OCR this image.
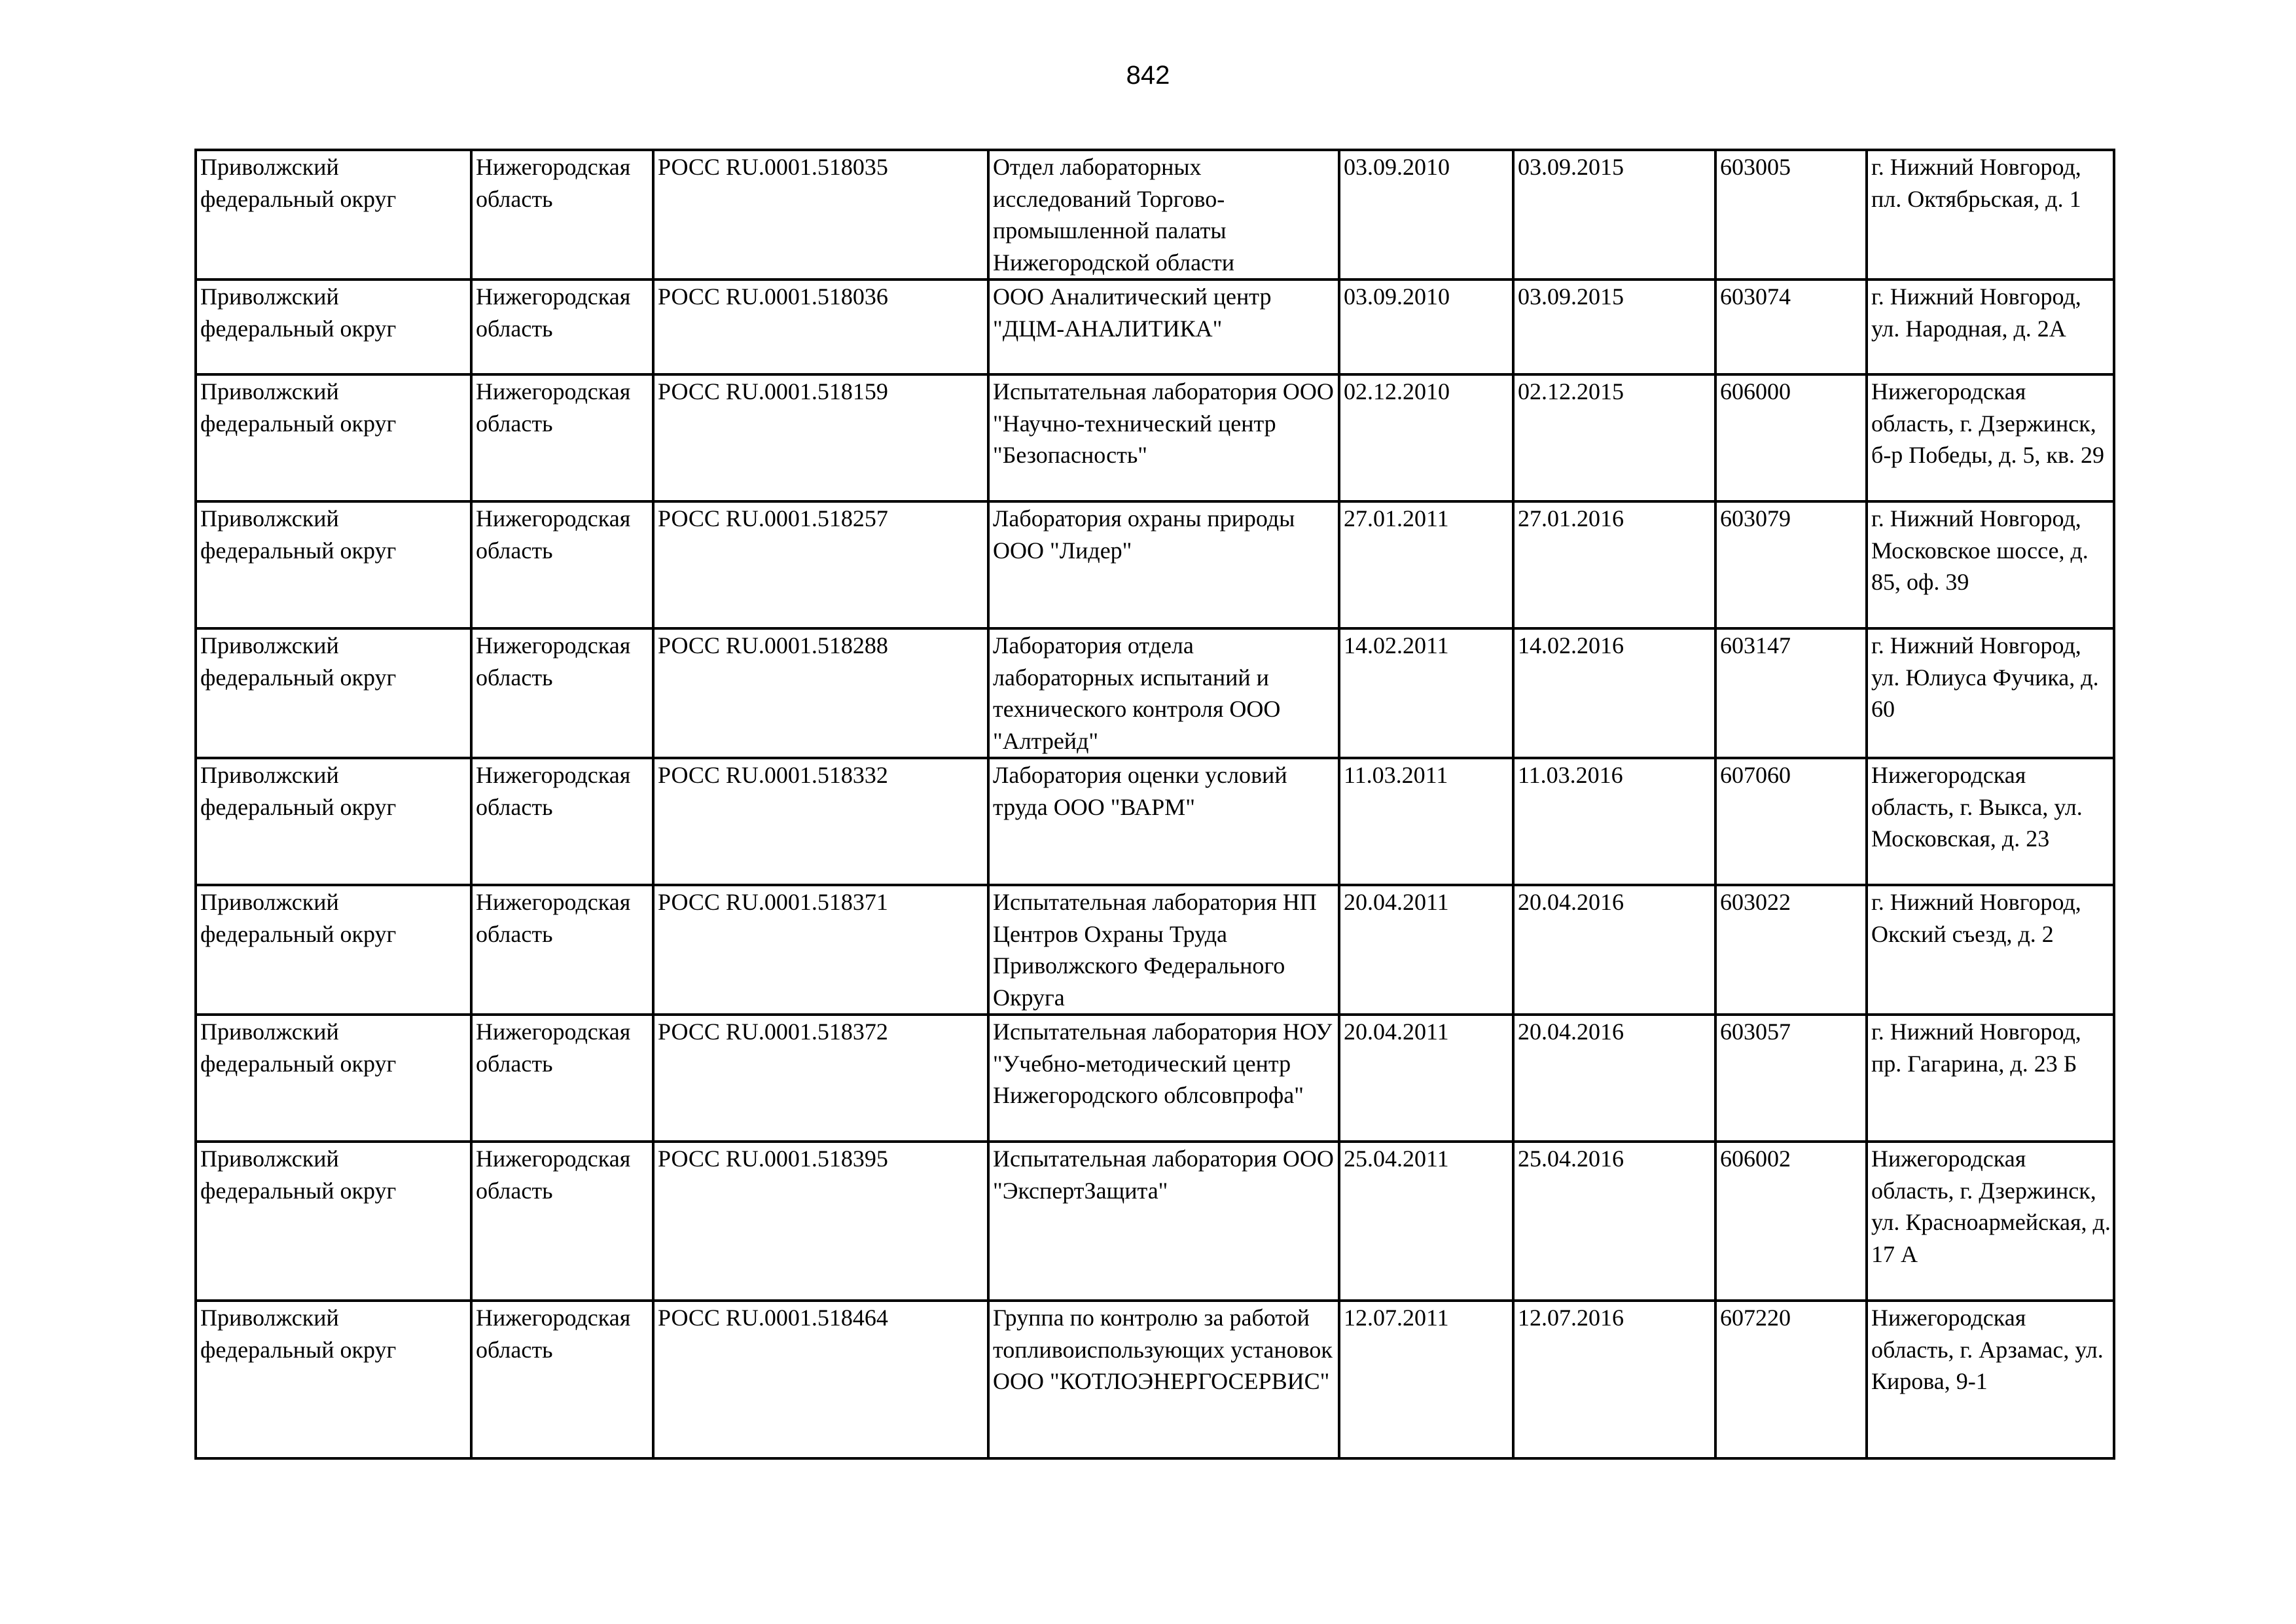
842
Приволжский федеральный округ	Нижегородская область	РОСС RU.0001.518035	Отдел лабораторных исследований Торгово-промышленной палаты Нижегородской области	03.09.2010	03.09.2015	603005	г. Нижний Новгород, пл. Октябрьская, д. 1
Приволжский федеральный округ	Нижегородская область	РОСС RU.0001.518036	ООО Аналитический центр "ДЦМ-АНАЛИТИКА"	03.09.2010	03.09.2015	603074	г. Нижний Новгород, ул. Народная, д. 2А
Приволжский федеральный округ	Нижегородская область	РОСС RU.0001.518159	Испытательная лаборатория ООО "Научно-технический центр "Безопасность"	02.12.2010	02.12.2015	606000	Нижегородская область, г. Дзержинск, б-р Победы, д. 5, кв. 29
Приволжский федеральный округ	Нижегородская область	РОСС RU.0001.518257	Лаборатория охраны природы ООО "Лидер"	27.01.2011	27.01.2016	603079	г. Нижний Новгород, Московское шоссе, д. 85, оф. 39
Приволжский федеральный округ	Нижегородская область	РОСС RU.0001.518288	Лаборатория отдела лабораторных испытаний и технического контроля ООО "Алтрейд"	14.02.2011	14.02.2016	603147	г. Нижний Новгород, ул. Юлиуса Фучика, д. 60
Приволжский федеральный округ	Нижегородская область	РОСС RU.0001.518332	Лаборатория оценки условий труда ООО "ВАРМ"	11.03.2011	11.03.2016	607060	Нижегородская область, г. Выкса, ул. Московская, д. 23
Приволжский федеральный округ	Нижегородская область	РОСС RU.0001.518371	Испытательная лаборатория НП Центров Охраны Труда Приволжского Федерального Округа	20.04.2011	20.04.2016	603022	г. Нижний Новгород, Окский съезд, д. 2
Приволжский федеральный округ	Нижегородская область	РОСС RU.0001.518372	Испытательная лаборатория НОУ "Учебно-методический центр Нижегородского облсовпрофа"	20.04.2011	20.04.2016	603057	г. Нижний Новгород, пр. Гагарина, д. 23 Б
Приволжский федеральный округ	Нижегородская область	РОСС RU.0001.518395	Испытательная лаборатория ООО "ЭкспертЗащита"	25.04.2011	25.04.2016	606002	Нижегородская область, г. Дзержинск, ул. Красноармейская, д. 17 А
Приволжский федеральный округ	Нижегородская область	РОСС RU.0001.518464	Группа по контролю за работой топливоиспользующих установок ООО "КОТЛОЭНЕРГОСЕРВИС"	12.07.2011	12.07.2016	607220	Нижегородская область, г. Арзамас, ул. Кирова, 9-1
